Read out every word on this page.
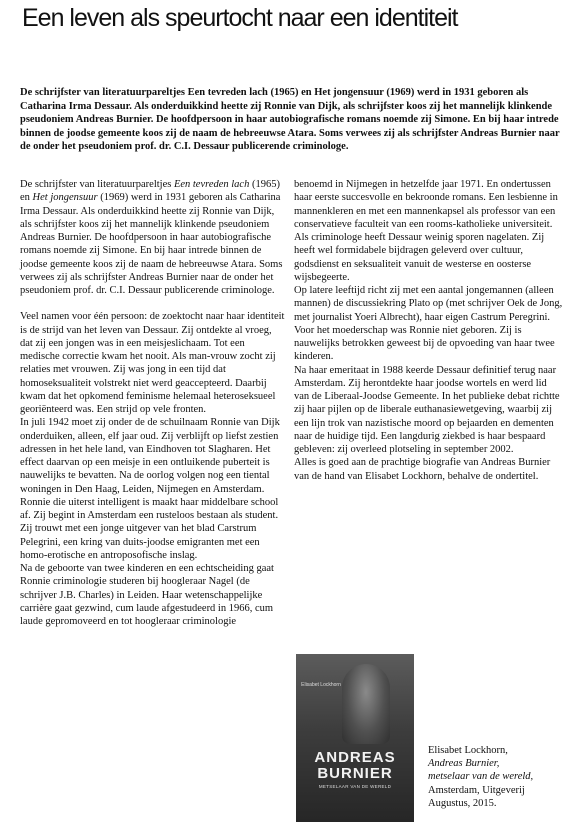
Een leven als speurtocht naar een identiteit

De schrijfster van literatuurpareltjes Een tevreden lach (1965) en Het jongensuur (1969) werd in 1931 geboren als Catharina Irma Dessaur. Als onderduikkind heette zij Ronnie van Dijk, als schrijfster koos zij het mannelijk klinkende pseudoniem Andreas Burnier. De hoofdpersoon in haar autobiografische romans noemde zij Simone. En bij haar intrede binnen de joodse gemeente koos zij de naam de hebreeuwse Atara. Soms verwees zij als schrijfster Andreas Burnier naar de onder het pseudoniem prof. dr. C.I. Dessaur publicerende criminologe.

De schrijfster van literatuurpareltjes Een tevreden lach (1965) en Het jongensuur (1969) werd in 1931 geboren als Catharina Irma Dessaur. Als onderduikkind heette zij Ronnie van Dijk, als schrijfster koos zij het mannelijk klinkende pseudoniem Andreas Burnier. De hoofdpersoon in haar autobiografische romans noemde zij Simone. En bij haar intrede binnen de joodse gemeente koos zij de naam de hebreeuwse Atara. Soms verwees zij als schrijfster Andreas Burnier naar de onder het pseudoniem prof. dr. C.I. Dessaur publicerende criminologe.

Veel namen voor één persoon: de zoektocht naar haar identiteit is de strijd van het leven van Dessaur. Zij ontdekte al vroeg, dat zij een jongen was in een meisjeslichaam. Tot een medische correctie kwam het nooit. Als man-vrouw zocht zij relaties met vrouwen. Zij was jong in een tijd dat homoseksualiteit volstrekt niet werd geaccepteerd. Daarbij kwam dat het opkomend feminisme helemaal heteroseksueel georiënteerd was. Een strijd op vele fronten.

In juli 1942 moet zij onder de de schuilnaam Ronnie van Dijk onderduiken, alleen, elf jaar oud. Zij verblijft op liefst zestien adressen in het hele land, van Eindhoven tot Slagharen. Het effect daarvan op een meisje in een ontluikende puberteit is nauwelijks te bevatten. Na de oorlog volgen nog een tiental woningen in Den Haag, Leiden, Nijmegen en Amsterdam.

Ronnie die uiterst intelligent is maakt haar middelbare school af. Zij begint in Amsterdam een rusteloos bestaan als student. Zij trouwt met een jonge uitgever van het blad Carstrum Pelegrini, een kring van duits-joodse emigranten met een homo-erotische en antroposofische inslag.

Na de geboorte van twee kinderen en een echtscheiding gaat Ronnie criminologie studeren bij hoogleraar Nagel (de schrijver J.B. Charles) in Leiden. Haar wetenschappelijke carrière gaat gezwind, cum laude afgestudeerd in 1966, cum laude gepromoveerd en tot hoogleraar criminologie

benoemd in Nijmegen in hetzelfde jaar 1971. En ondertussen haar eerste succesvolle en bekroonde romans. Een lesbienne in mannenkleren en met een mannenkapsel als professor van een conservatieve faculteit van een rooms-katholieke universiteit.

Als criminologe heeft Dessaur weinig sporen nagelaten. Zij heeft wel formidabele bijdragen geleverd over cultuur, godsdienst en seksualiteit vanuit de westerse en oosterse wijsbegeerte.

Op latere leeftijd richt zij met een aantal jongemannen (alleen mannen) de discussiekring Plato op (met schrijver Oek de Jong, met journalist Yoeri Albrecht), haar eigen Castrum Peregrini.

Voor het moederschap was Ronnie niet geboren. Zij is nauwelijks betrokken geweest bij de opvoeding van haar twee kinderen.

Na haar emeritaat in 1988 keerde Dessaur definitief terug naar Amsterdam. Zij herontdekte haar joodse wortels en werd lid van de Liberaal-Joodse Gemeente. In het publieke debat richtte zij haar pijlen op de liberale euthanasiewetgeving, waarbij zij een lijn trok van nazistische moord op bejaarden en dementen naar de huidige tijd. Een langdurig ziekbed is haar bespaard gebleven: zij overleed plotseling in september 2002.

Alles is goed aan de prachtige biografie van Andreas Burnier van de hand van Elisabet Lockhorn, behalve de ondertitel.

Elisabet Lockhorn
ANDREAS
BURNIER
METSELAAR VAN DE WERELD
Elisabet Lockhorn,
Andreas Burnier,
metselaar van de wereld,
Amsterdam, Uitgeverij
Augustus, 2015.
